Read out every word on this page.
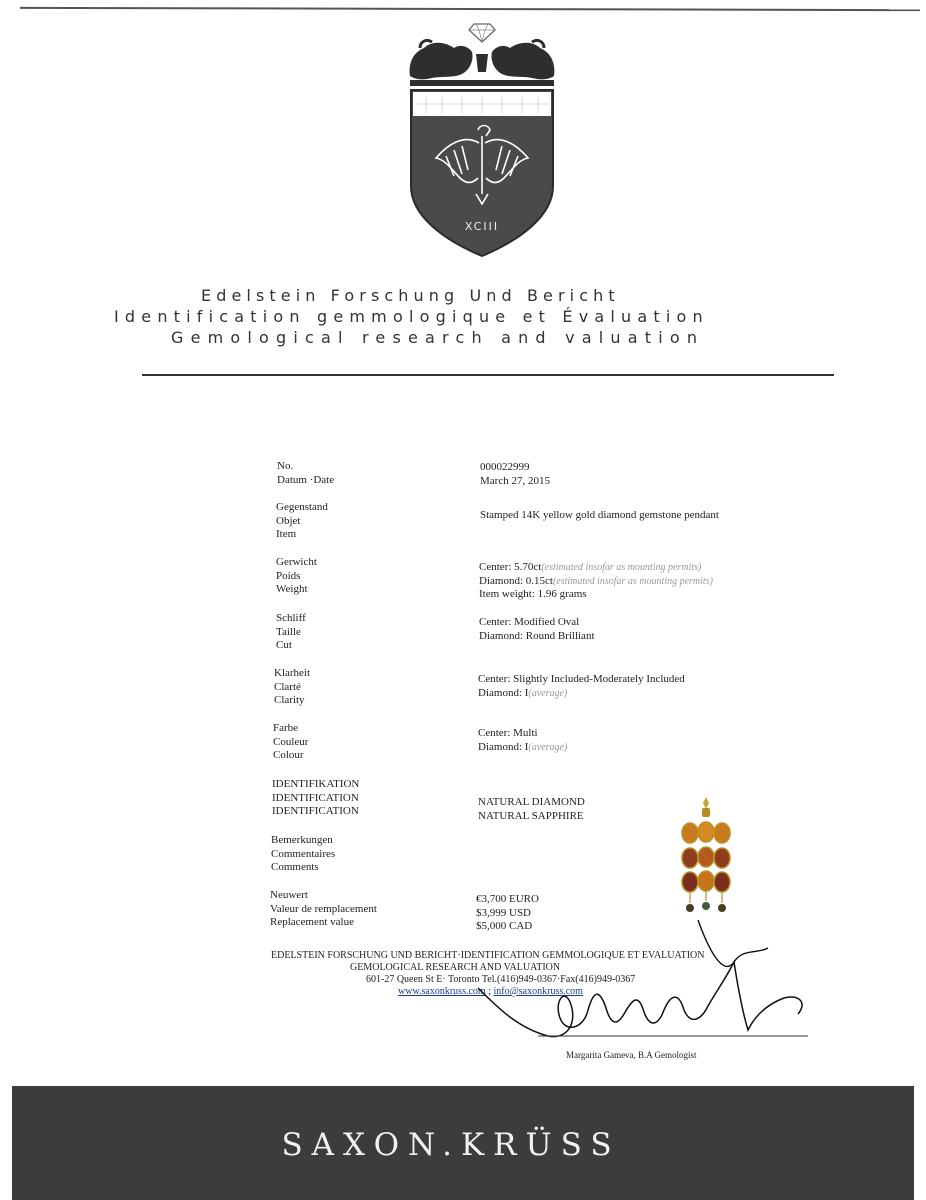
XCIII
Edelstein Forschung Und Bericht
Identification gemmologique et Évaluation
Gemological research and valuation
No.
Datum ·Date
000022999
March 27, 2015
Gegenstand
Objet
Item
Stamped 14K yellow gold diamond gemstone pendant
Gerwicht
Poids
Weight
Center: 5.70ct(estimated insofar as mounting permits)
Diamond: 0.15ct(estimated insofar as mounting permits)
Item weight: 1.96 grams
Schliff
Taille
Cut
Center: Modified Oval
Diamond: Round Brilliant
Klarheit
Clarté
Clarity
Center: Slightly Included-Moderately Included
Diamond: I(average)
Farbe
Couleur
Colour
Center: Multi
Diamond: I(average)
IDENTIFIKATION
IDENTIFICATION
IDENTIFICATION
NATURAL DIAMOND
NATURAL SAPPHIRE
Bemerkungen
Commentaires
Comments
Neuwert
Valeur de remplacement
Replacement value
€3,700 EURO
$3,999 USD
$5,000 CAD
EDELSTEIN FORSCHUNG UND BERICHT·IDENTIFICATION GEMMOLOGIQUE ET EVALUATION
GEMOLOGICAL RESEARCH AND VALUATION
601-27 Queen St E· Toronto Tel.(416)949-0367·Fax(416)949-0367
www.saxonkruss.com ; info@saxonkruss.com
Margarita Gameva, B.A Gemologist
SAXON.KRÜSS
